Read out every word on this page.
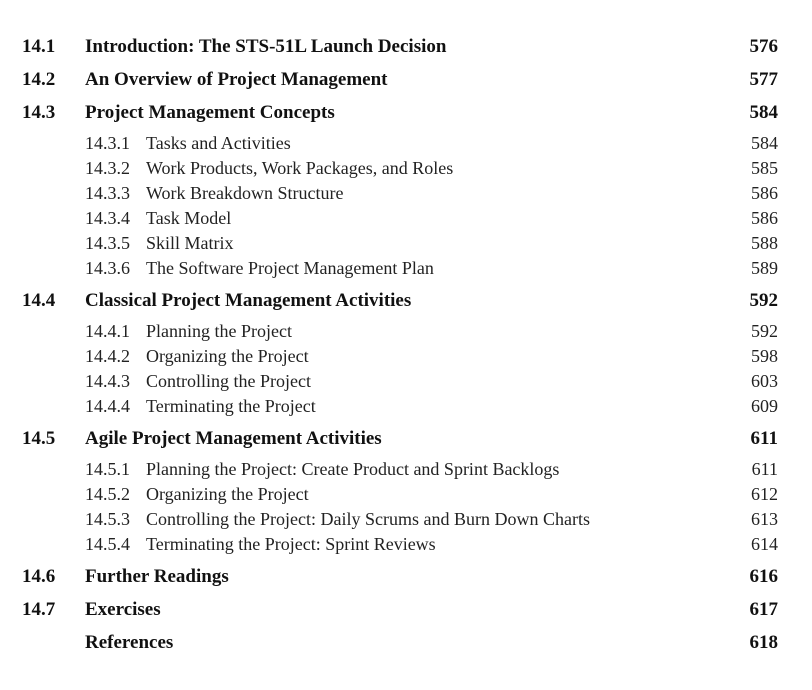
14.1 Introduction: The STS-51L Launch Decision	576
14.2 An Overview of Project Management	577
14.3 Project Management Concepts	584
14.3.1 Tasks and Activities	584
14.3.2 Work Products, Work Packages, and Roles	585
14.3.3 Work Breakdown Structure	586
14.3.4 Task Model	586
14.3.5 Skill Matrix	588
14.3.6 The Software Project Management Plan	589
14.4 Classical Project Management Activities	592
14.4.1 Planning the Project	592
14.4.2 Organizing the Project	598
14.4.3 Controlling the Project	603
14.4.4 Terminating the Project	609
14.5 Agile Project Management Activities	611
14.5.1 Planning the Project: Create Product and Sprint Backlogs	611
14.5.2 Organizing the Project	612
14.5.3 Controlling the Project: Daily Scrums and Burn Down Charts	613
14.5.4 Terminating the Project: Sprint Reviews	614
14.6 Further Readings	616
14.7 Exercises	617
References	618
